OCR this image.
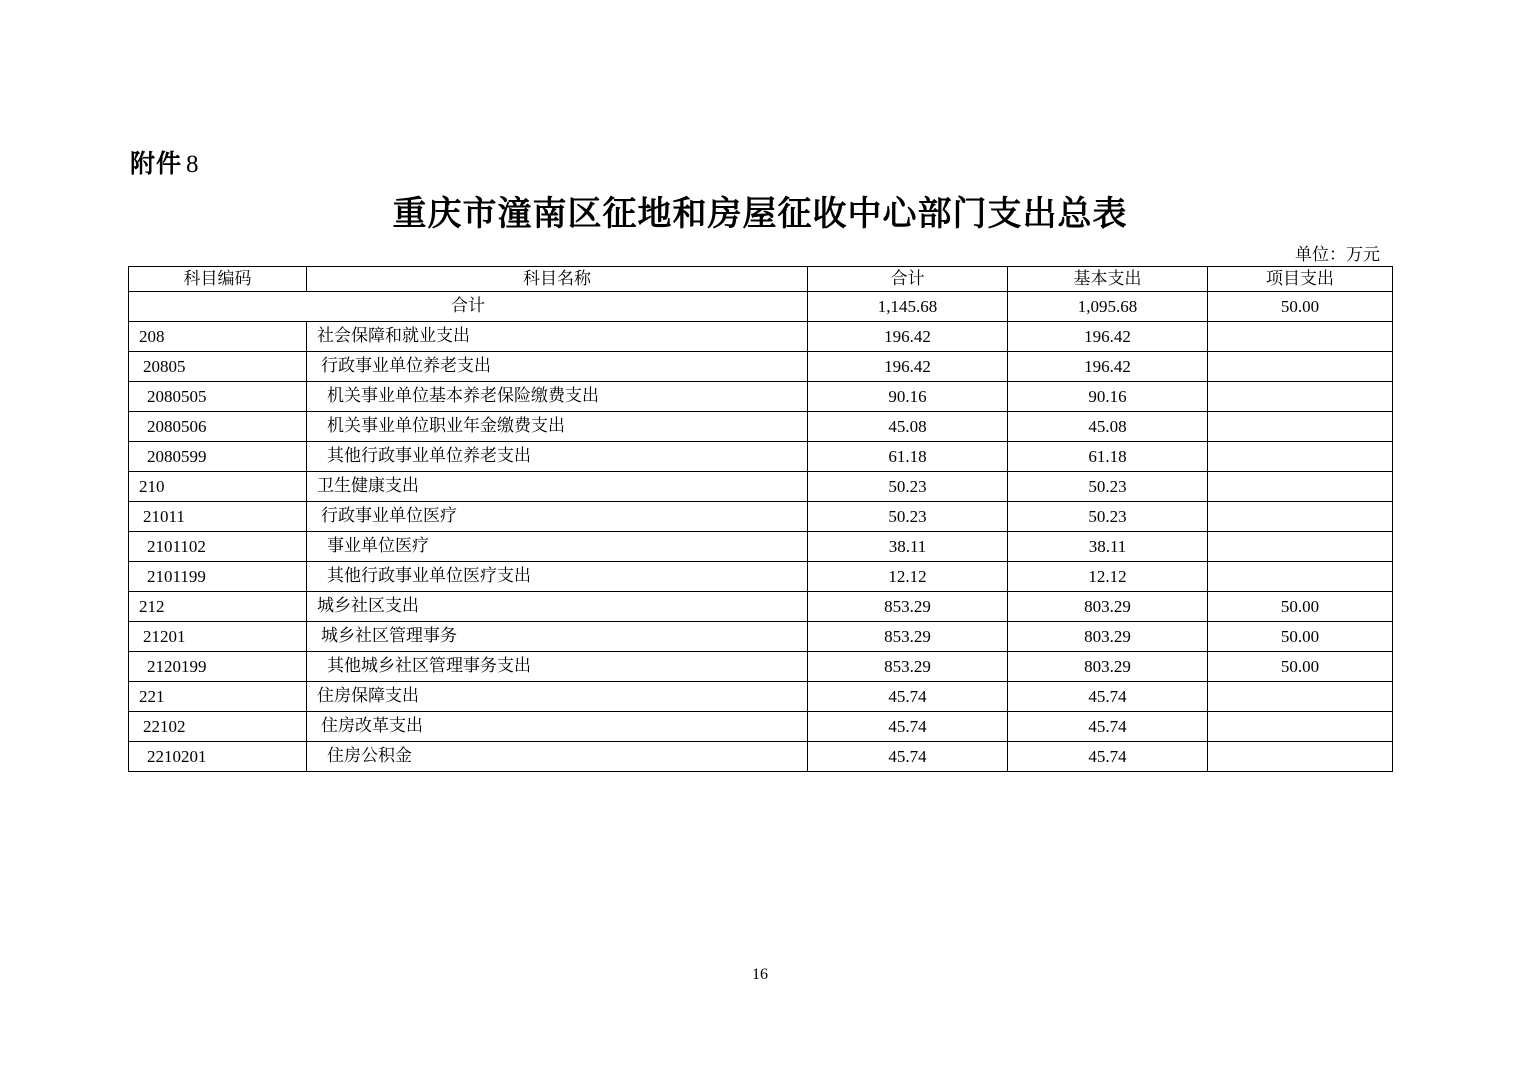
附件 8
重庆市潼南区征地和房屋征收中心部门支出总表
单位：万元
科目编码	科目名称	合计	基本支出	项目支出
合计		1,145.68	1,095.68	50.00
208	社会保障和就业支出	196.42	196.42	
20805	行政事业单位养老支出	196.42	196.42	
2080505	机关事业单位基本养老保险缴费支出	90.16	90.16	
2080506	机关事业单位职业年金缴费支出	45.08	45.08	
2080599	其他行政事业单位养老支出	61.18	61.18	
210	卫生健康支出	50.23	50.23	
21011	行政事业单位医疗	50.23	50.23	
2101102	事业单位医疗	38.11	38.11	
2101199	其他行政事业单位医疗支出	12.12	12.12	
212	城乡社区支出	853.29	803.29	50.00
21201	城乡社区管理事务	853.29	803.29	50.00
2120199	其他城乡社区管理事务支出	853.29	803.29	50.00
221	住房保障支出	45.74	45.74	
22102	住房改革支出	45.74	45.74	
2210201	住房公积金	45.74	45.74	
16
